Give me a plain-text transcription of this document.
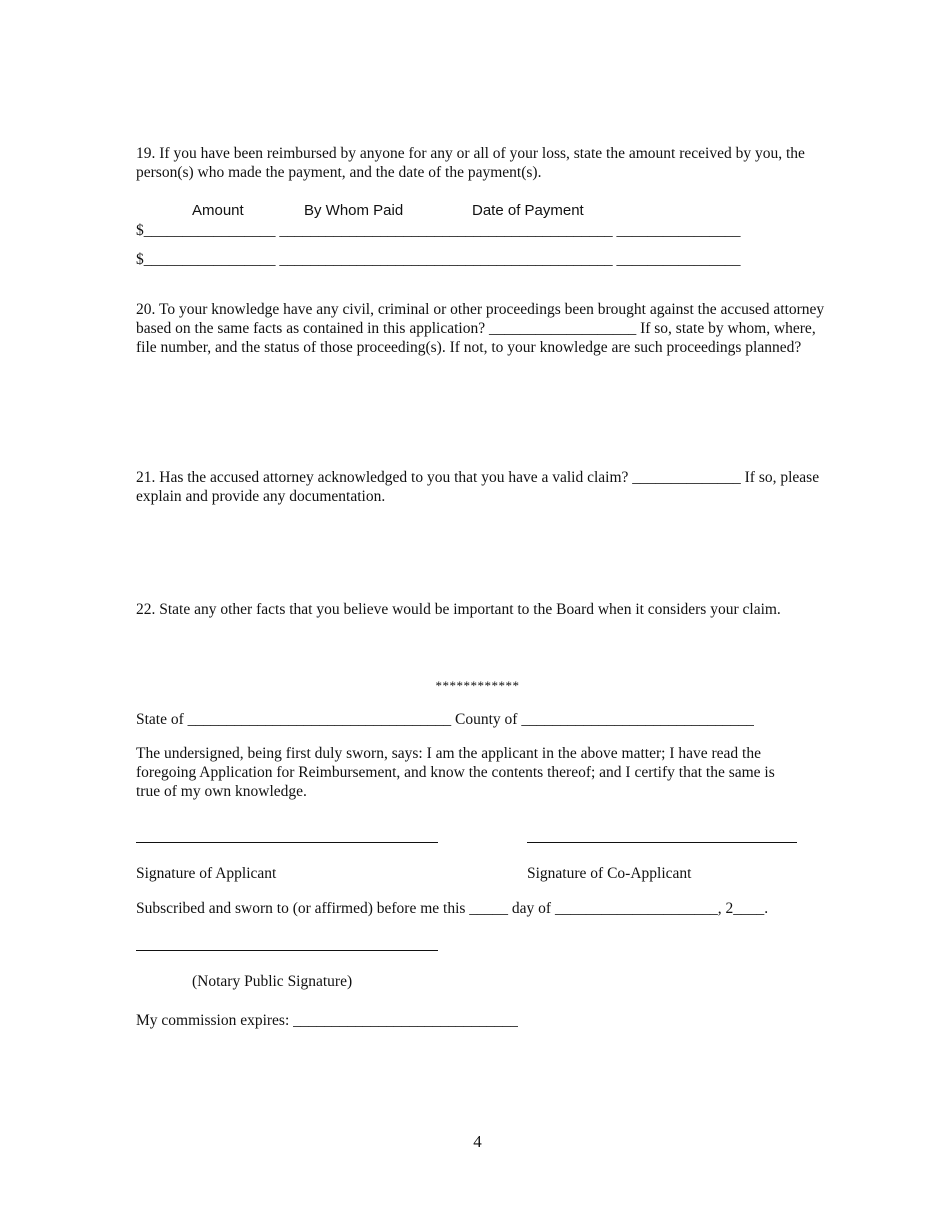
19. If you have been reimbursed by anyone for any or all of your loss, state the amount received by you, the person(s) who made the payment, and the date of the payment(s).
Amount	By Whom Paid	Date of Payment
$_________________ ___________________________________________ ________________
$_________________ ___________________________________________ ________________
20. To your knowledge have any civil, criminal or other proceedings been brought against the accused attorney based on the same facts as contained in this application? ___________________ If so, state by whom, where, file number, and the status of those proceeding(s). If not, to your knowledge are such proceedings planned?
21. Has the accused attorney acknowledged to you that you have a valid claim? ______________ If so, please explain and provide any documentation.
22. State any other facts that you believe would be important to the Board when it considers your claim.
************
State of __________________________________ County of ______________________________
The undersigned, being first duly sworn, says: I am the applicant in the above matter; I have read the foregoing Application for Reimbursement, and know the contents thereof; and I certify that the same is true of my own knowledge.
Signature of Applicant	Signature of Co-Applicant
Subscribed and sworn to (or affirmed) before me this _____ day of _____________________, 2____.
(Notary Public Signature)
My commission expires: _____________________________
4
